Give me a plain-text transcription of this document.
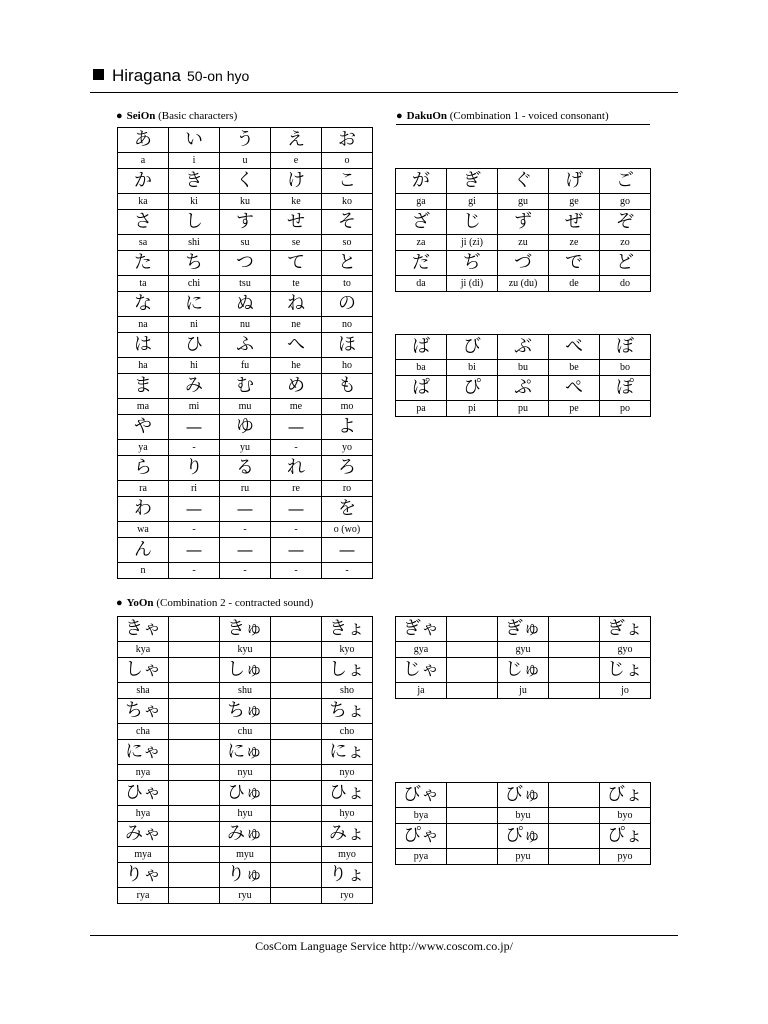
Hiragana 50-on hyo
● SeiOn (Basic characters)	● DakuOn (Combination 1 - voiced consonant)
● YoOn (Combination 2 - contracted sound)
あ	い	う	え	お
a	i	u	e	o
か	き	く	け	こ
ka	ki	ku	ke	ko
さ	し	す	せ	そ
sa	shi	su	se	so
た	ち	つ	て	と
ta	chi	tsu	te	to
な	に	ぬ	ね	の
na	ni	nu	ne	no
は	ひ	ふ	へ	ほ
ha	hi	fu	he	ho
ま	み	む	め	も
ma	mi	mu	me	mo
や	―	ゆ	―	よ
ya	-	yu	-	yo
ら	り	る	れ	ろ
ra	ri	ru	re	ro
わ	―	―	―	を
wa	-	-	-	o (wo)
ん	―	―	―	―
n	-	-	-	-
が	ぎ	ぐ	げ	ご
ga	gi	gu	ge	go
ざ	じ	ず	ぜ	ぞ
za	ji (zi)	zu	ze	zo
だ	ぢ	づ	で	ど
da	ji (di)	zu (du)	de	do
ば	び	ぶ	べ	ぼ
ba	bi	bu	be	bo
ぱ	ぴ	ぷ	ぺ	ぽ
pa	pi	pu	pe	po
きゃ	きゅ	きょ
kya	kyu	kyo
しゃ	しゅ	しょ
sha	shu	sho
ちゃ	ちゅ	ちょ
cha	chu	cho
にゃ	にゅ	にょ
nya	nyu	nyo
ひゃ	ひゅ	ひょ
hya	hyu	hyo
みゃ	みゅ	みょ
mya	myu	myo
りゃ	りゅ	りょ
rya	ryu	ryo
ぎゃ	ぎゅ	ぎょ
gya	gyu	gyo
じゃ	じゅ	じょ
ja	ju	jo
びゃ	びゅ	びょ
bya	byu	byo
ぴゃ	ぴゅ	ぴょ
pya	pyu	pyo
CosCom Language Service http://www.coscom.co.jp/
